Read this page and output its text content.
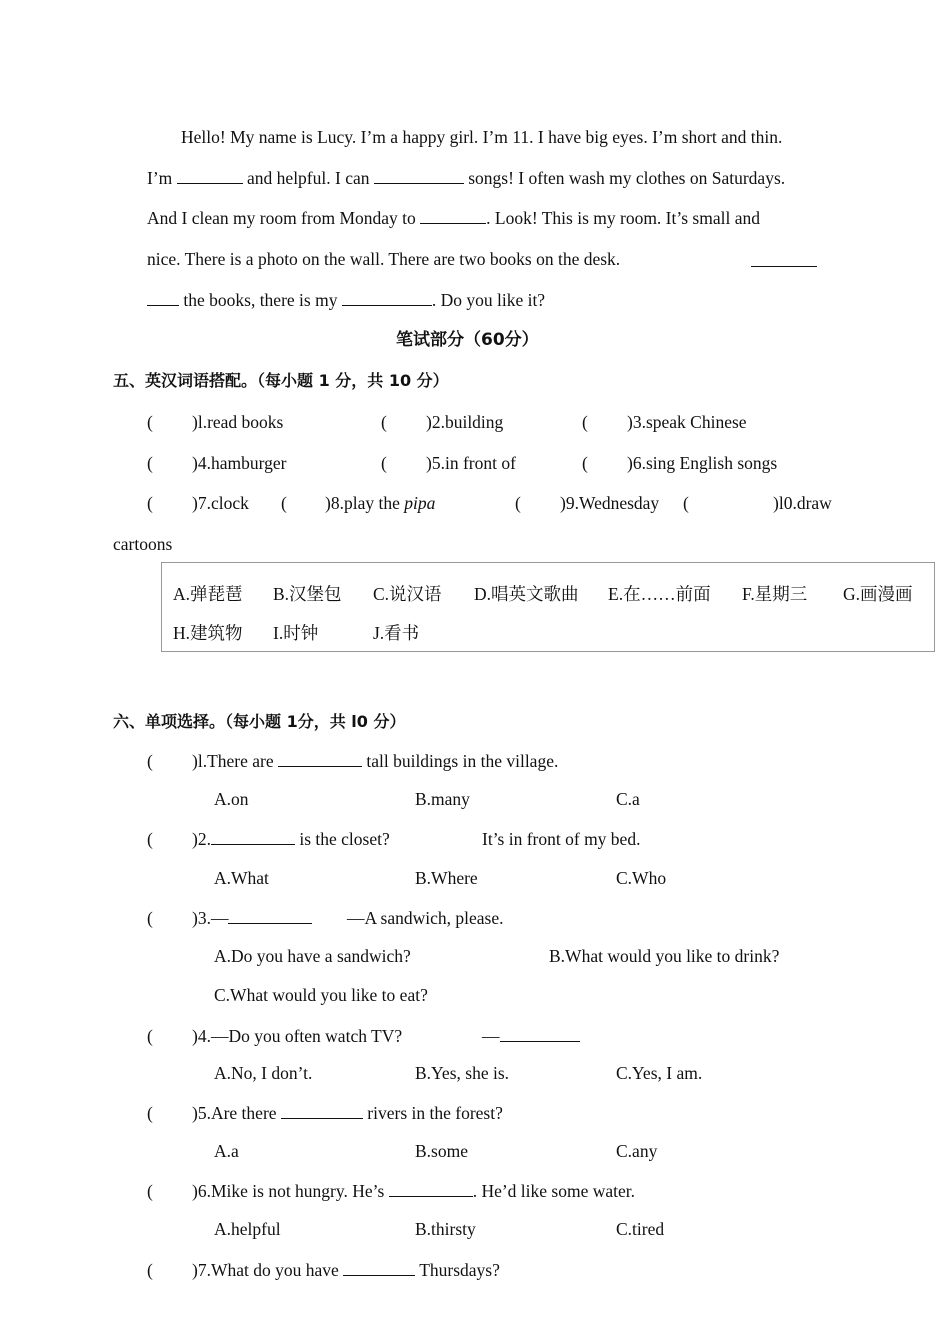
Hello! My name is Lucy. I’m a happy girl. I’m 11. I have big eyes. I’m short and thin.
I’m	and helpful. I can	songs! I often wash my clothes on Saturdays.
And I clean my room from Monday to	. Look! This is my room. It’s small and
nice. There is a photo on the wall. There are two books on the desk.
the books, there is my	. Do you like it?
笔试部分（60分）
五、英汉词语搭配。（每小题 1 分，共 10 分）
( )l.read books	( )2.building	( )3.speak Chinese
( )4.hamburger	( )5.in front of	( )6.sing English songs
( )7.clock ( )8.play the pipa	( )9.Wednesday (	)l0.draw
cartoons
A.弹琵琶 B.汉堡包 C.说汉语 D.唱英文歌曲 E.在……前面 F.星期三 G.画漫画
H.建筑物 I.时钟	J.看书
六、单项选择。（每小题 1分，共 l0 分）
( )l.There are	tall buildings in the village.
A.on	B.many	C.a
( )2.	is the closet?	It’s in front of my bed.
A.What	B.Where	C.Who
( )3.—	—A sandwich, please.
A.Do you have a sandwich?	B.What would you like to drink?
C.What would you like to eat?
( )4.—Do you often watch TV?	—
A.No, I don’t.	B.Yes, she is.	C.Yes, I am.
( )5.Are there	rivers in the forest?
A.a	B.some	C.any
( )6.Mike is not hungry. He’s	. He’d like some water.
A.helpful	B.thirsty	C.tired
( )7.What do you have	Thursdays?
